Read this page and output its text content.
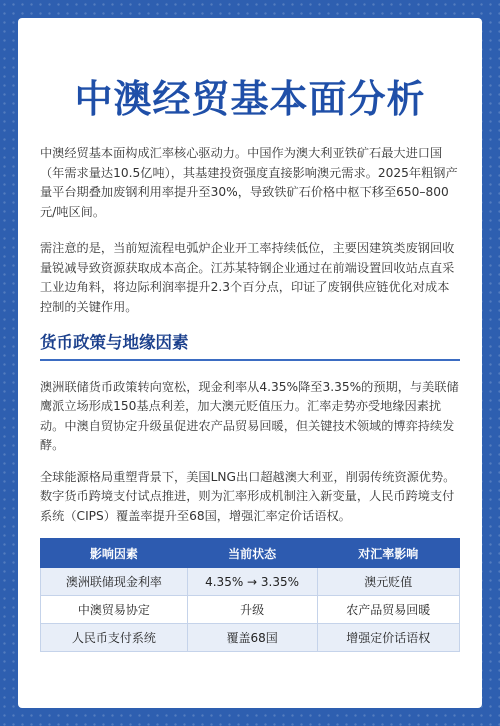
中澳经贸基本面分析

中澳经贸基本面构成汇率核心驱动力。中国作为澳大利亚铁矿石最大进口国（年需求量达10.5亿吨），其基建投资强度直接影响澳元需求。2025年粗钢产量平台期叠加废钢利用率提升至30%，导致铁矿石价格中枢下移至650–800元/吨区间。

需注意的是，当前短流程电弧炉企业开工率持续低位，主要因建筑类废钢回收量锐减导致资源获取成本高企。江苏某特钢企业通过在前端设置回收站点直采工业边角料，将边际利润率提升2.3个百分点，印证了废钢供应链优化对成本控制的关键作用。

货币政策与地缘因素

澳洲联储货币政策转向宽松，现金利率从4.35%降至3.35%的预期，与美联储鹰派立场形成150基点利差，加大澳元贬值压力。汇率走势亦受地缘因素扰动。中澳自贸协定升级虽促进农产品贸易回暖，但关键技术领域的博弈持续发酵。

全球能源格局重塑背景下，美国LNG出口超越澳大利亚，削弱传统资源优势。数字货币跨境支付试点推进，则为汇率形成机制注入新变量，人民币跨境支付系统（CIPS）覆盖率提升至68国，增强汇率定价话语权。

影响因素	当前状态	对汇率影响
澳洲联储现金利率	4.35% → 3.35%	澳元贬值
中澳贸易协定	升级	农产品贸易回暖
人民币支付系统	覆盖68国	增强定价话语权
